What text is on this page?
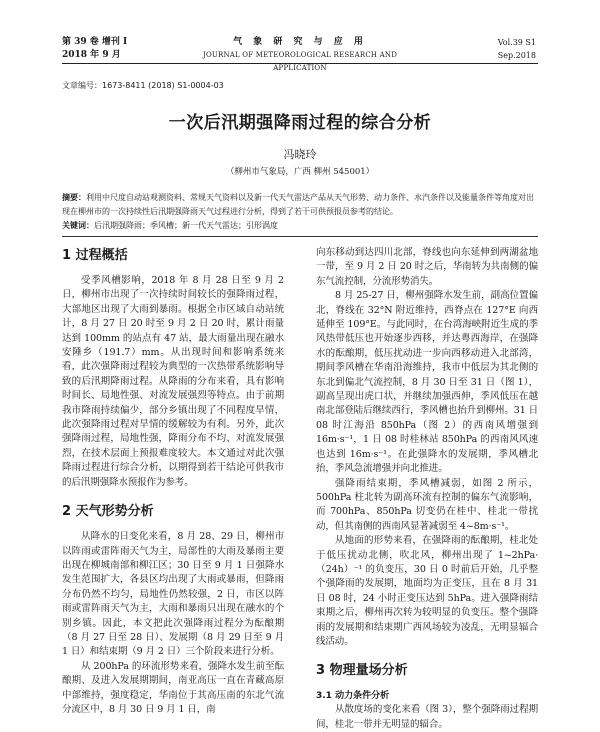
第 39 卷 增刊 I
2018 年 9 月
气 象 研 究 与 应 用
JOURNAL OF METEOROLOGICAL RESEARCH AND APPLICATION
Vol.39 S1
Sep.2018
文章编号：1673-8411 (2018) S1-0004-03
一次后汛期强降雨过程的综合分析
冯晓玲
（柳州市气象局，广西 柳州 545001）
摘要：利用中尺度自动站观测资料、常规天气资料以及新一代天气雷达产品从天气形势、动力条件、水汽条件以及能量条件等角度对出现在柳州市的一次持续性后汛期强降雨天气过程进行分析，得到了若干可供预报员参考的结论。
关键词：后汛期强降雨；季风槽；新一代天气雷达；引形涡度
1 过程概括

受季风槽影响，2018 年 8 月 28 日至 9 月 2 日，柳州市出现了一次持续时间较长的强降雨过程，大部地区出现了大雨到暴雨。根据全市区域自动站统计，8 月 27 日 20 时至 9 月 2 日 20 时，累计雨量达到 100mm 的站点有 47 站，最大雨量出现在融水安陲乡（191.7）mm。从出现时间和影响系统来看，此次强降雨过程较为典型的一次热带系统影响导致的后汛期降雨过程。从降雨的分布来看，具有影响时间长、局地性强、对流发展强烈等特点。由于前期我市降雨持续偏少，部分乡镇出现了不同程度旱情，此次强降雨过程对旱情的缓解较为有利。另外，此次强降雨过程，局地性强，降雨分布不均、对流发展强烈，在技术层面上预报难度较大。本文通过对此次强降雨过程进行综合分析，以期得到若干结论可供我市的后汛期强降水预报作为参考。

2 天气形势分析

从降水的日变化来看，8 月 28、29 日，柳州市以阵雨或雷阵雨天气为主，局部性的大雨及暴雨主要出现在柳城南部和柳江区；30 日至 9 月 1 日强降水发生范围扩大，各县区均出现了大雨或暴雨，但降雨分布仍然不均匀，局地性仍然较强，2 日，市区以阵雨或雷阵雨天气为主，大雨和暴雨只出现在融水的个别乡镇。因此，本文把此次强降雨过程分为酝酿期（8 月 27 日至 28 日）、发展期（8 月 29 日至 9 月 1 日）和结束期（9 月 2 日）三个阶段来进行分析。

从 200hPa 的环流形势来看，强降水发生前至酝酿期、及进入发展期期间，南亚高压一直在青藏高原中部维持，强度稳定，华南位于其高压南的东北气流分流区中，8 月 30 日 9 月 1 日，南

向东移动到达四川北部，脊线也向东延伸到两湖盆地一带，至 9 月 2 日 20 时之后，华南转为共南侧的偏东气流控制，分流形势消失。

8 月 25-27 日，柳州强降水发生前，副高位置偏北，脊线在 32°N 附近维持，西脊点在 127°E 向西延伸至 109°E。与此同时，在台湾海峡附近生成的季风热带低压也开始逐步西移，并达粤西海岸，在强降水的酝酿期，低压扰动进一步向西移动进入北部湾，期间季风槽在华南沿海维持，我市中低层为其北侧的东北到偏北气流控制，8 月 30 日至 31 日（图 1），副高呈现出虎口状，并继续加强西伸，季风低压在越南北部登陆后继续西行，季风槽也抬升到柳州。31 日 08 时江海沿 850hPa（图 2）的西南风增强到 16m·s⁻¹，1 日 08 时桂林站 850hPa 的西南风风速也达到 16m·s⁻¹。在此强降水的发展期，季风槽北抬，季风急流增强并向北推进。

强降雨结束期，季风槽减弱，如图 2 所示，500hPa 柱北转为副高环流有控制的偏东气流影响，而 700hPa、850hPa 切变仍在桂中、桂北一带扰动，但其南侧的西南风显著减弱至 4~8m·s⁻¹。

从地面的形势来看，在强降雨的酝酿期，桂北处于低压扰动北侧，吹北风，柳州出现了 1~2hPa·（24h）⁻¹ 的负变压，30 日 0 时前后开始，几乎整个强降雨的发展期，地面均为正变压，且在 8 月 31 日 08 时，24 小时正变压达到 5hPa。进入强降雨结束期之后，柳州再次转为较明显的负变压。整个强降雨的发展期和结束期广西风场较为凌乱，无明显辐合线活动。

3 物理量场分析
3.1 动力条件分析

从散度场的变化来看（图 3），整个强降雨过程期间，桂北一带并无明显的辐合。
